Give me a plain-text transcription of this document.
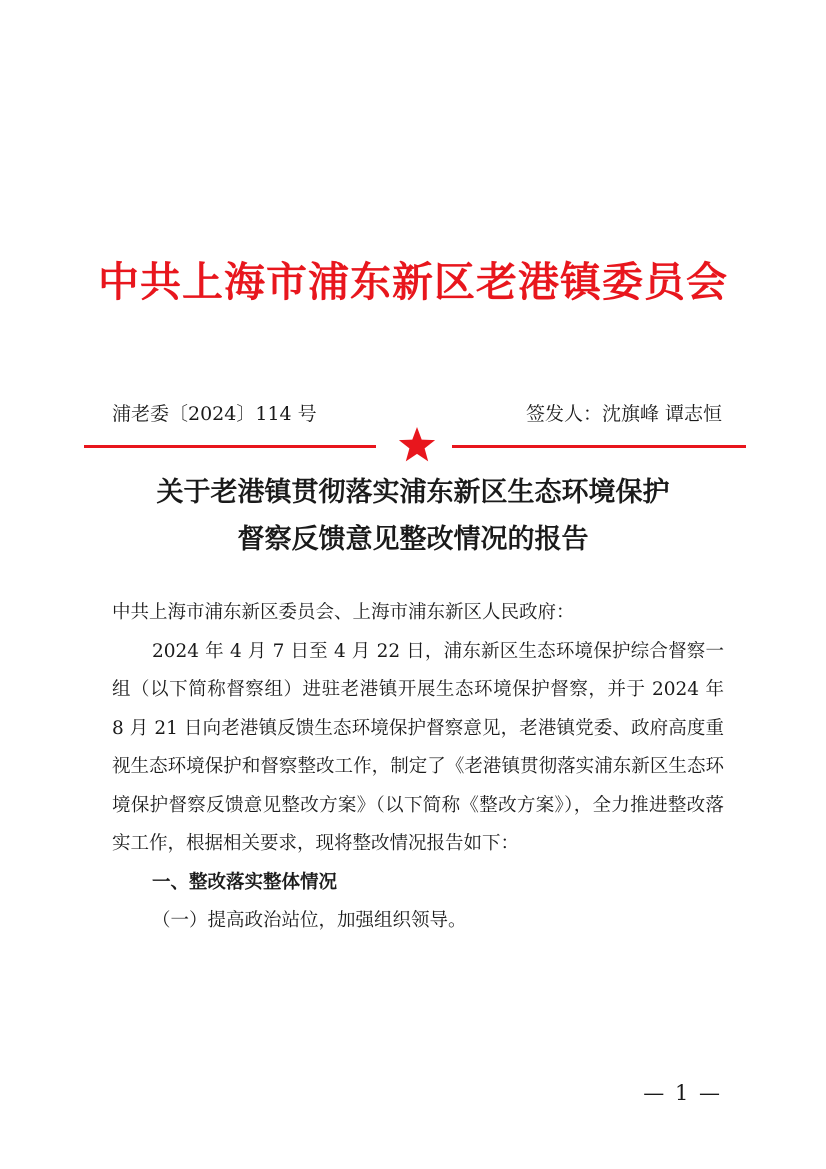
中共上海市浦东新区老港镇委员会
浦老委〔2024〕114 号	签发人：沈旗峰 谭志恒
关于老港镇贯彻落实浦东新区生态环境保护
督察反馈意见整改情况的报告

中共上海市浦东新区委员会、上海市浦东新区人民政府：

2024 年 4 月 7 日至 4 月 22 日，浦东新区生态环境保护综合督察一组（以下简称督察组）进驻老港镇开展生态环境保护督察，并于 2024 年 8 月 21 日向老港镇反馈生态环境保护督察意见，老港镇党委、政府高度重视生态环境保护和督察整改工作，制定了《老港镇贯彻落实浦东新区生态环境保护督察反馈意见整改方案》（以下简称《整改方案》），全力推进整改落实工作，根据相关要求，现将整改情况报告如下：

一、整改落实整体情况

（一）提高政治站位，加强组织领导。

— 1 —
